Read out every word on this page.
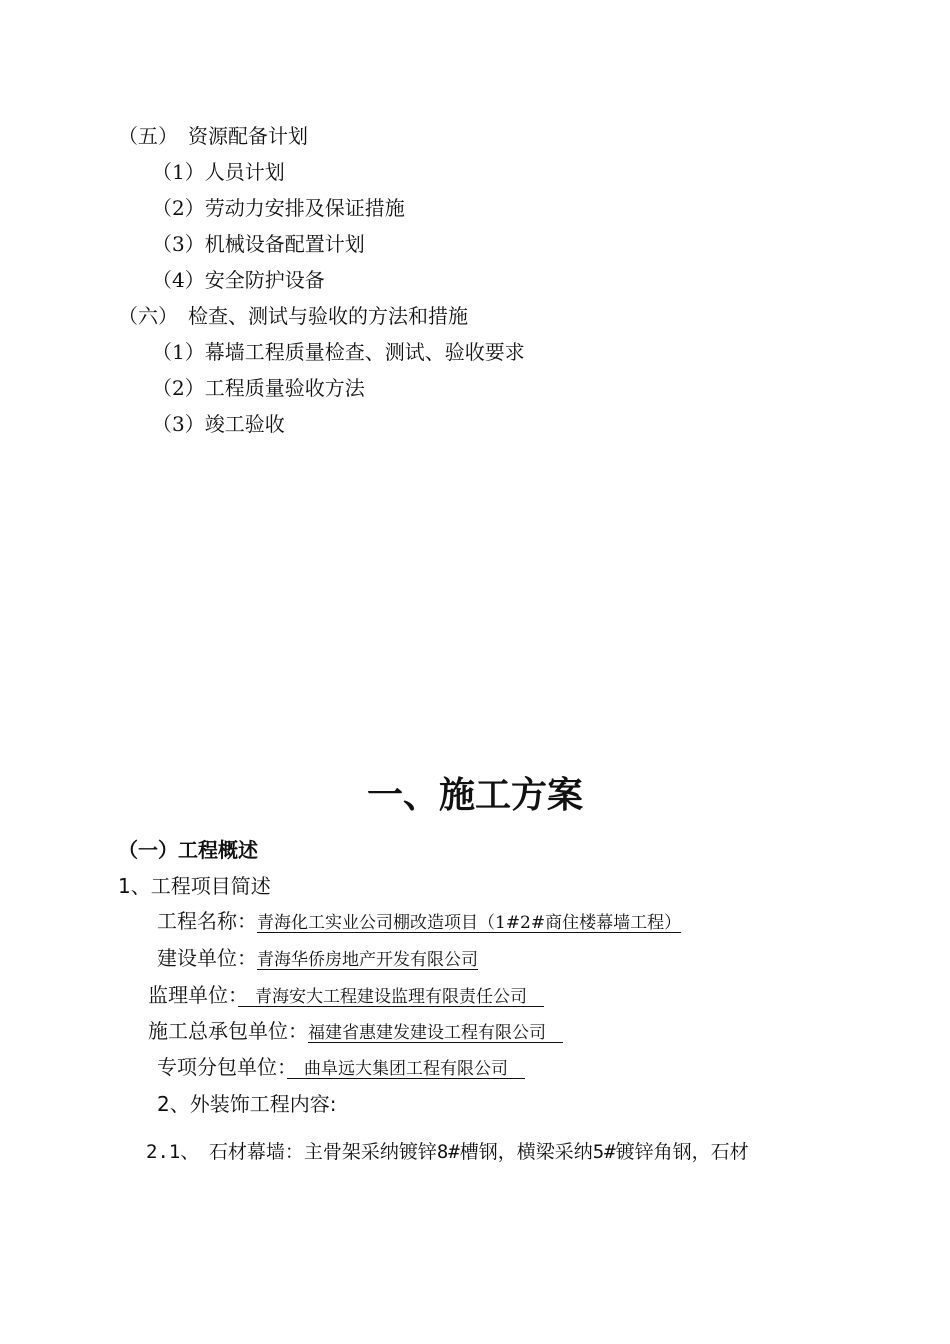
（五）　资源配备计划
（1）人员计划
（2）劳动力安排及保证措施
（3）机械设备配置计划
（4）安全防护设备
（六）　检查、测试与验收的方法和措施
（1）幕墙工程质量检查、测试、验收要求
（2）工程质量验收方法
（3）竣工验收
一、施工方案
（一）工程概述
1、工程项目简述
工程名称：青海化工实业公司棚改造项目（1#2#商住楼幕墙工程）
建设单位：青海华侨房地产开发有限公司
监理单位：　青海安大工程建设监理有限责任公司　
施工总承包单位：福建省惠建发建设工程有限公司　
专项分包单位：　曲阜远大集团工程有限公司　
2、外装饰工程内容:
2.1、　石材幕墙：主骨架采纳镀锌8#槽钢，横梁采纳5#镀锌角钢，石材
